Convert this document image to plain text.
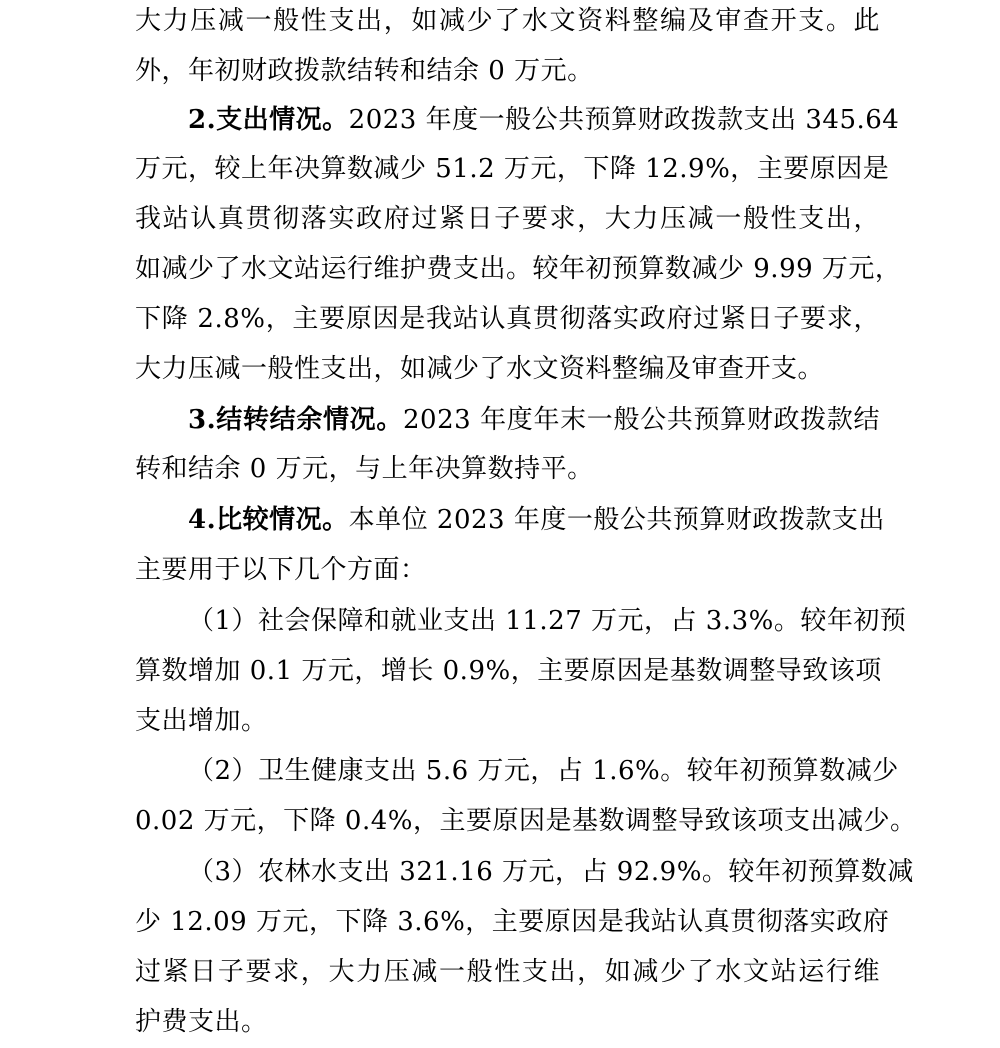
大力压减一般性支出，如减少了水文资料整编及审查开支。此
外，年初财政拨款结转和结余 0 万元。
2.支出情况。2023 年度一般公共预算财政拨款支出 345.64
万元，较上年决算数减少 51.2 万元，下降 12.9%，主要原因是
我站认真贯彻落实政府过紧日子要求，大力压减一般性支出，
如减少了水文站运行维护费支出。较年初预算数减少 9.99 万元，
下降 2.8%，主要原因是我站认真贯彻落实政府过紧日子要求，
大力压减一般性支出，如减少了水文资料整编及审查开支。
3.结转结余情况。2023 年度年末一般公共预算财政拨款结
转和结余 0 万元，与上年决算数持平。
4.比较情况。本单位 2023 年度一般公共预算财政拨款支出
主要用于以下几个方面：
（1）社会保障和就业支出 11.27 万元，占 3.3%。较年初预
算数增加 0.1 万元，增长 0.9%，主要原因是基数调整导致该项
支出增加。
（2）卫生健康支出 5.6 万元，占 1.6%。较年初预算数减少
0.02 万元，下降 0.4%，主要原因是基数调整导致该项支出减少。
（3）农林水支出 321.16 万元，占 92.9%。较年初预算数减
少 12.09 万元，下降 3.6%，主要原因是我站认真贯彻落实政府
过紧日子要求，大力压减一般性支出，如减少了水文站运行维
护费支出。
